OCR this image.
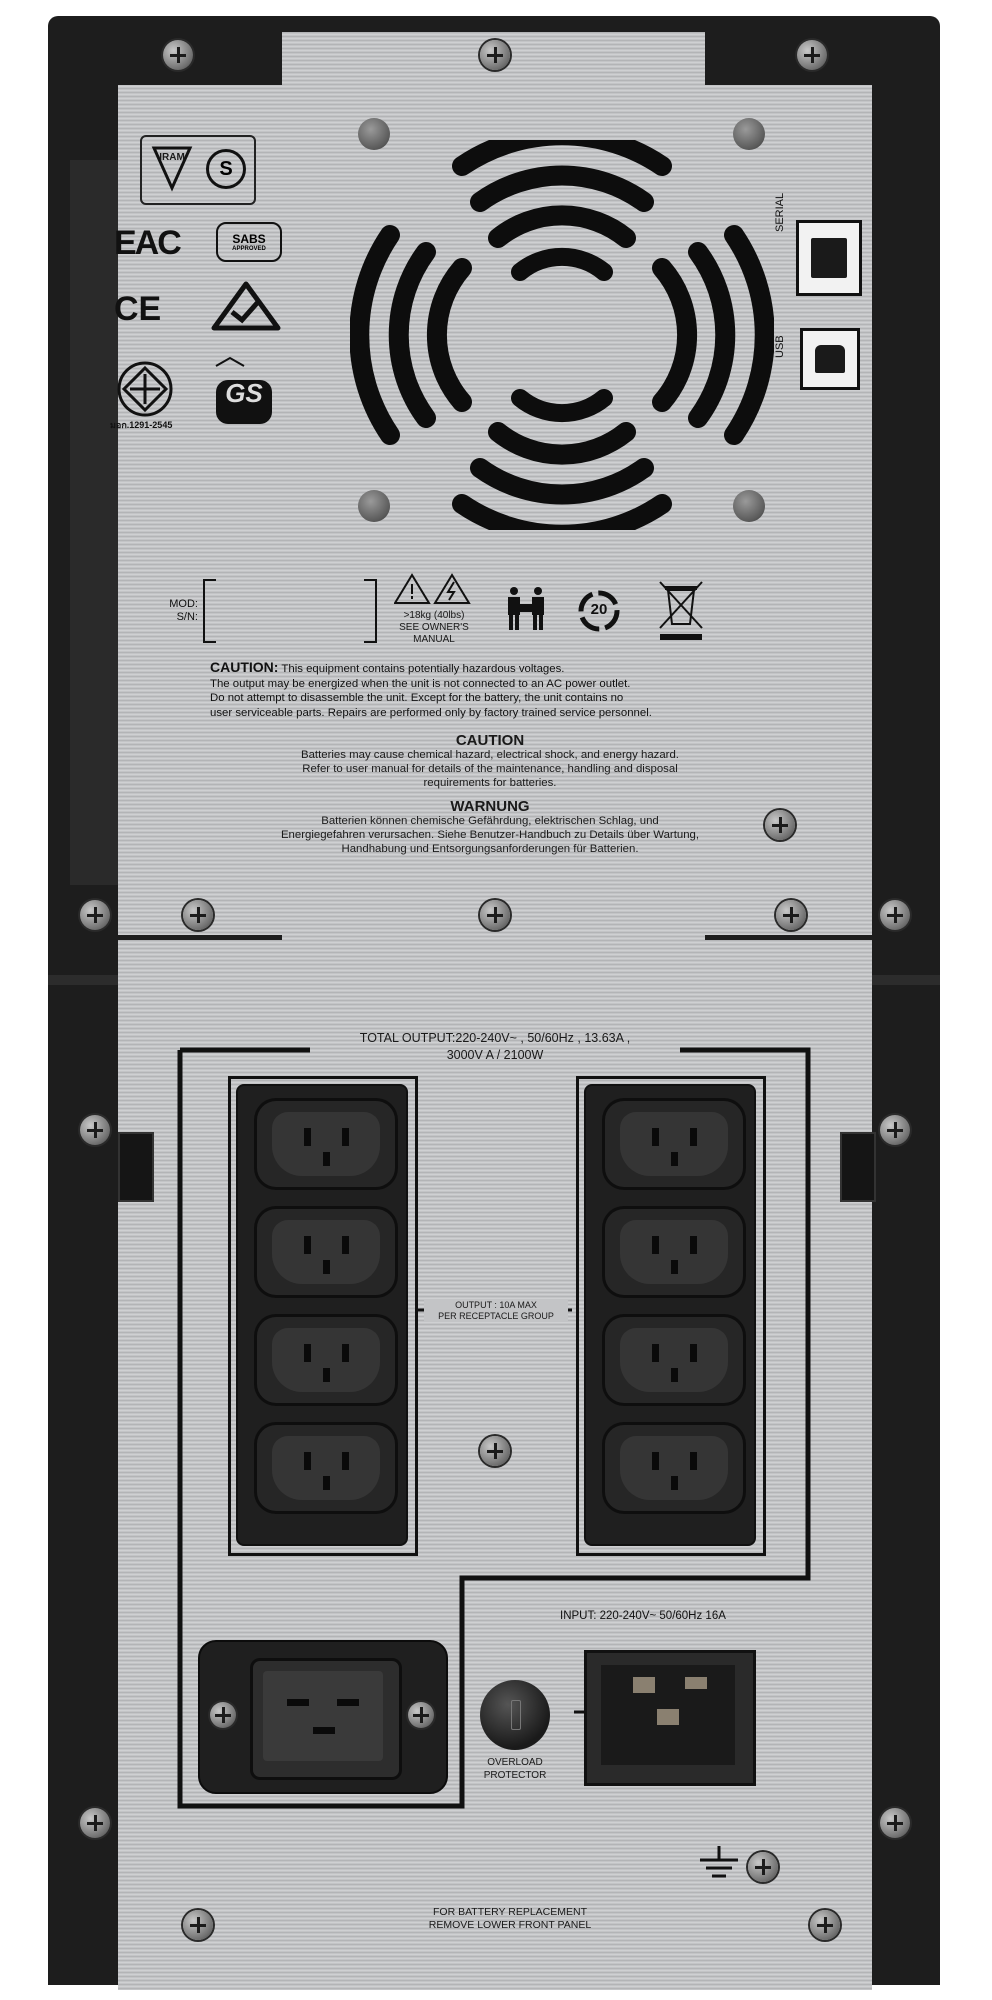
IRAM	S
EAC	SABS
APPROVED
CE
มอก.1291-2545
GS
SERIAL
USB
MOD:
S/N:	>18kg (40lbs)
SEE OWNER'S
MANUAL
20
CAUTION: This equipment contains potentially hazardous voltages.
The output may be energized when the unit is not connected to an AC power outlet.
Do not attempt to disassemble the unit. Except for the battery, the unit contains no
user serviceable parts. Repairs are performed only by factory trained service personnel.
CAUTION
Batteries may cause chemical hazard, electrical shock, and energy hazard.
Refer to user manual for details of the maintenance, handling and disposal
requirements for batteries.
WARNUNG
Batterien können chemische Gefährdung, elektrischen Schlag, und
Energiegefahren verursachen. Siehe Benutzer-Handbuch zu Details über Wartung,
Handhabung und Entsorgungsanforderungen für Batterien.
TOTAL OUTPUT:220-240V~ , 50/60Hz , 13.63A ,
3000V A / 2100W
OUTPUT : 10A MAX
PER RECEPTACLE GROUP
OVERLOAD
PROTECTOR
INPUT: 220-240V~ 50/60Hz 16A
FOR BATTERY REPLACEMENT
REMOVE LOWER FRONT PANEL
